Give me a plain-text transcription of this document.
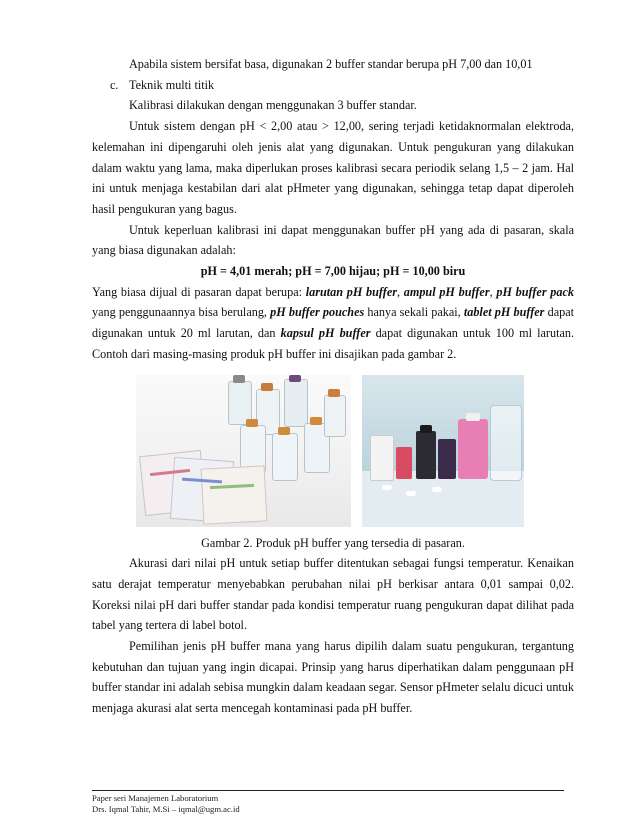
Apabila sistem bersifat basa, digunakan 2 buffer standar berupa pH 7,00 dan 10,01

c. Teknik multi titik

Kalibrasi dilakukan dengan menggunakan 3 buffer standar.

Untuk sistem dengan pH < 2,00 atau > 12,00, sering terjadi ketidaknormalan elektroda, kelemahan ini dipengaruhi oleh jenis alat yang digunakan. Untuk pengukuran yang dilakukan dalam waktu yang lama, maka diperlukan proses kalibrasi secara periodik selang 1,5 – 2 jam. Hal ini untuk menjaga kestabilan dari alat pHmeter yang digunakan, sehingga tetap dapat diperoleh hasil pengukuran yang bagus.

Untuk keperluan kalibrasi ini dapat menggunakan buffer pH yang ada di pasaran, skala yang biasa digunakan adalah:

pH = 4,01 merah; pH = 7,00 hijau; pH = 10,00 biru

Yang biasa dijual di pasaran dapat berupa: larutan pH buffer, ampul pH buffer, pH buffer pack yang penggunaannya bisa berulang, pH buffer pouches hanya sekali pakai, tablet pH buffer dapat digunakan untuk 20 ml larutan, dan kapsul pH buffer dapat digunakan untuk 100 ml larutan. Contoh dari masing-masing produk pH buffer ini disajikan pada gambar 2.

Gambar 2. Produk pH buffer yang tersedia di pasaran.

Akurasi dari nilai pH untuk setiap buffer ditentukan sebagai fungsi temperatur. Kenaikan satu derajat temperatur menyebabkan perubahan nilai pH berkisar antara 0,01 sampai 0,02. Koreksi nilai pH dari buffer standar pada kondisi temperatur ruang pengukuran dapat dilihat pada tabel yang tertera di label botol.

Pemilihan jenis pH buffer mana yang harus dipilih dalam suatu pengukuran, tergantung kebutuhan dan tujuan yang ingin dicapai. Prinsip yang harus diperhatikan dalam penggunaan pH buffer standar ini adalah sebisa mungkin dalam keadaan segar. Sensor pHmeter selalu dicuci untuk menjaga akurasi alat serta mencegah kontaminasi pada pH buffer.

Paper seri Manajemen Laboratorium
Drs. Iqmal Tahir, M.Si – iqmal@ugm.ac.id
